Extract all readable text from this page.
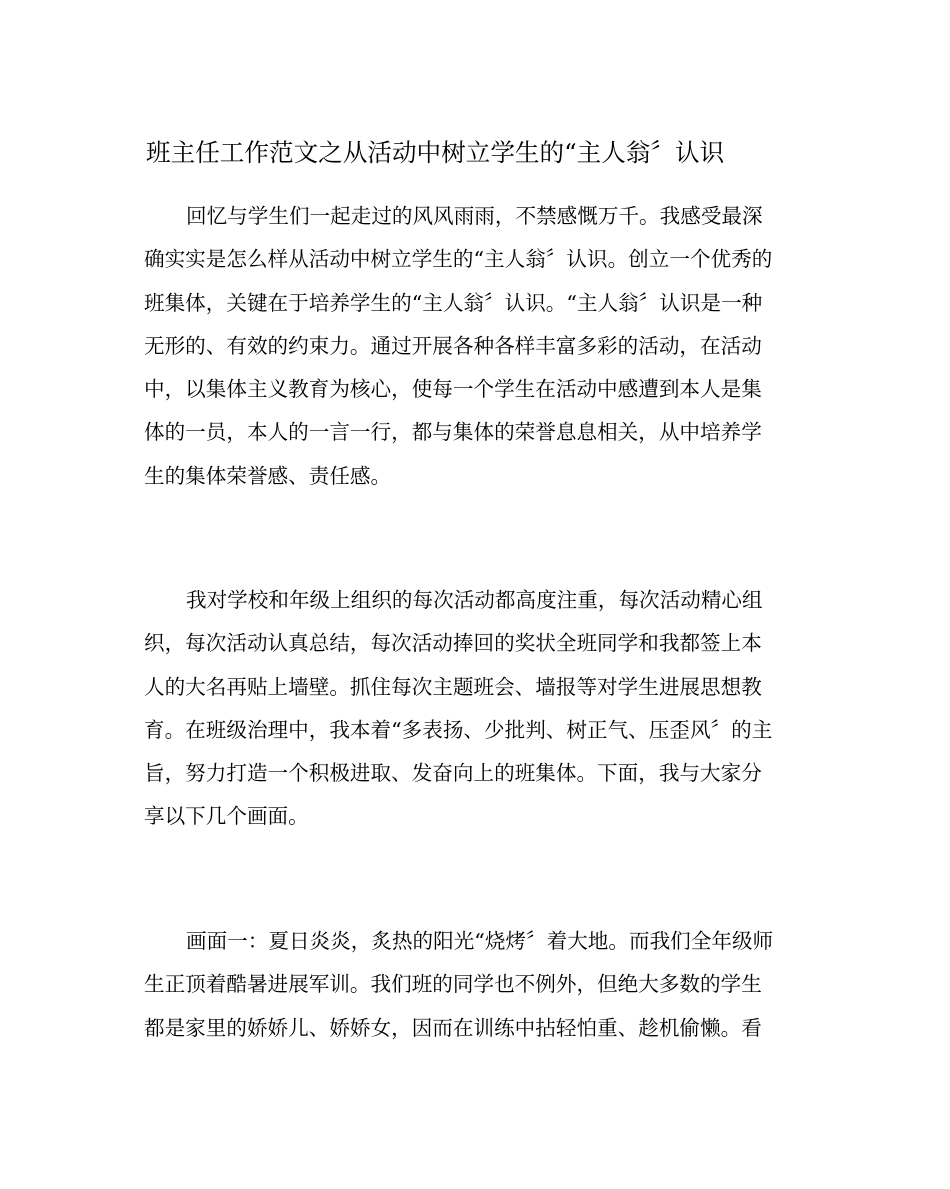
班主任工作范文之从活动中树立学生的“主人翁〞认识
回忆与学生们一起走过的风风雨雨，不禁感慨万千。我感受最深
确实实是怎么样从活动中树立学生的“主人翁〞认识。创立一个优秀的
班集体，关键在于培养学生的“主人翁〞认识。“主人翁〞认识是一种
无形的、有效的约束力。通过开展各种各样丰富多彩的活动，在活动
中，以集体主义教育为核心，使每一个学生在活动中感遭到本人是集
体的一员，本人的一言一行，都与集体的荣誉息息相关，从中培养学
生的集体荣誉感、责任感。
我对学校和年级上组织的每次活动都高度注重，每次活动精心组
织，每次活动认真总结，每次活动捧回的奖状全班同学和我都签上本
人的大名再贴上墙壁。抓住每次主题班会、墙报等对学生进展思想教
育。在班级治理中，我本着“多表扬、少批判、树正气、压歪风〞的主
旨，努力打造一个积极进取、发奋向上的班集体。下面，我与大家分
享以下几个画面。
画面一：夏日炎炎，炙热的阳光“烧烤〞着大地。而我们全年级师
生正顶着酷暑进展军训。我们班的同学也不例外，但绝大多数的学生
都是家里的娇娇儿、娇娇女，因而在训练中拈轻怕重、趁机偷懒。看
